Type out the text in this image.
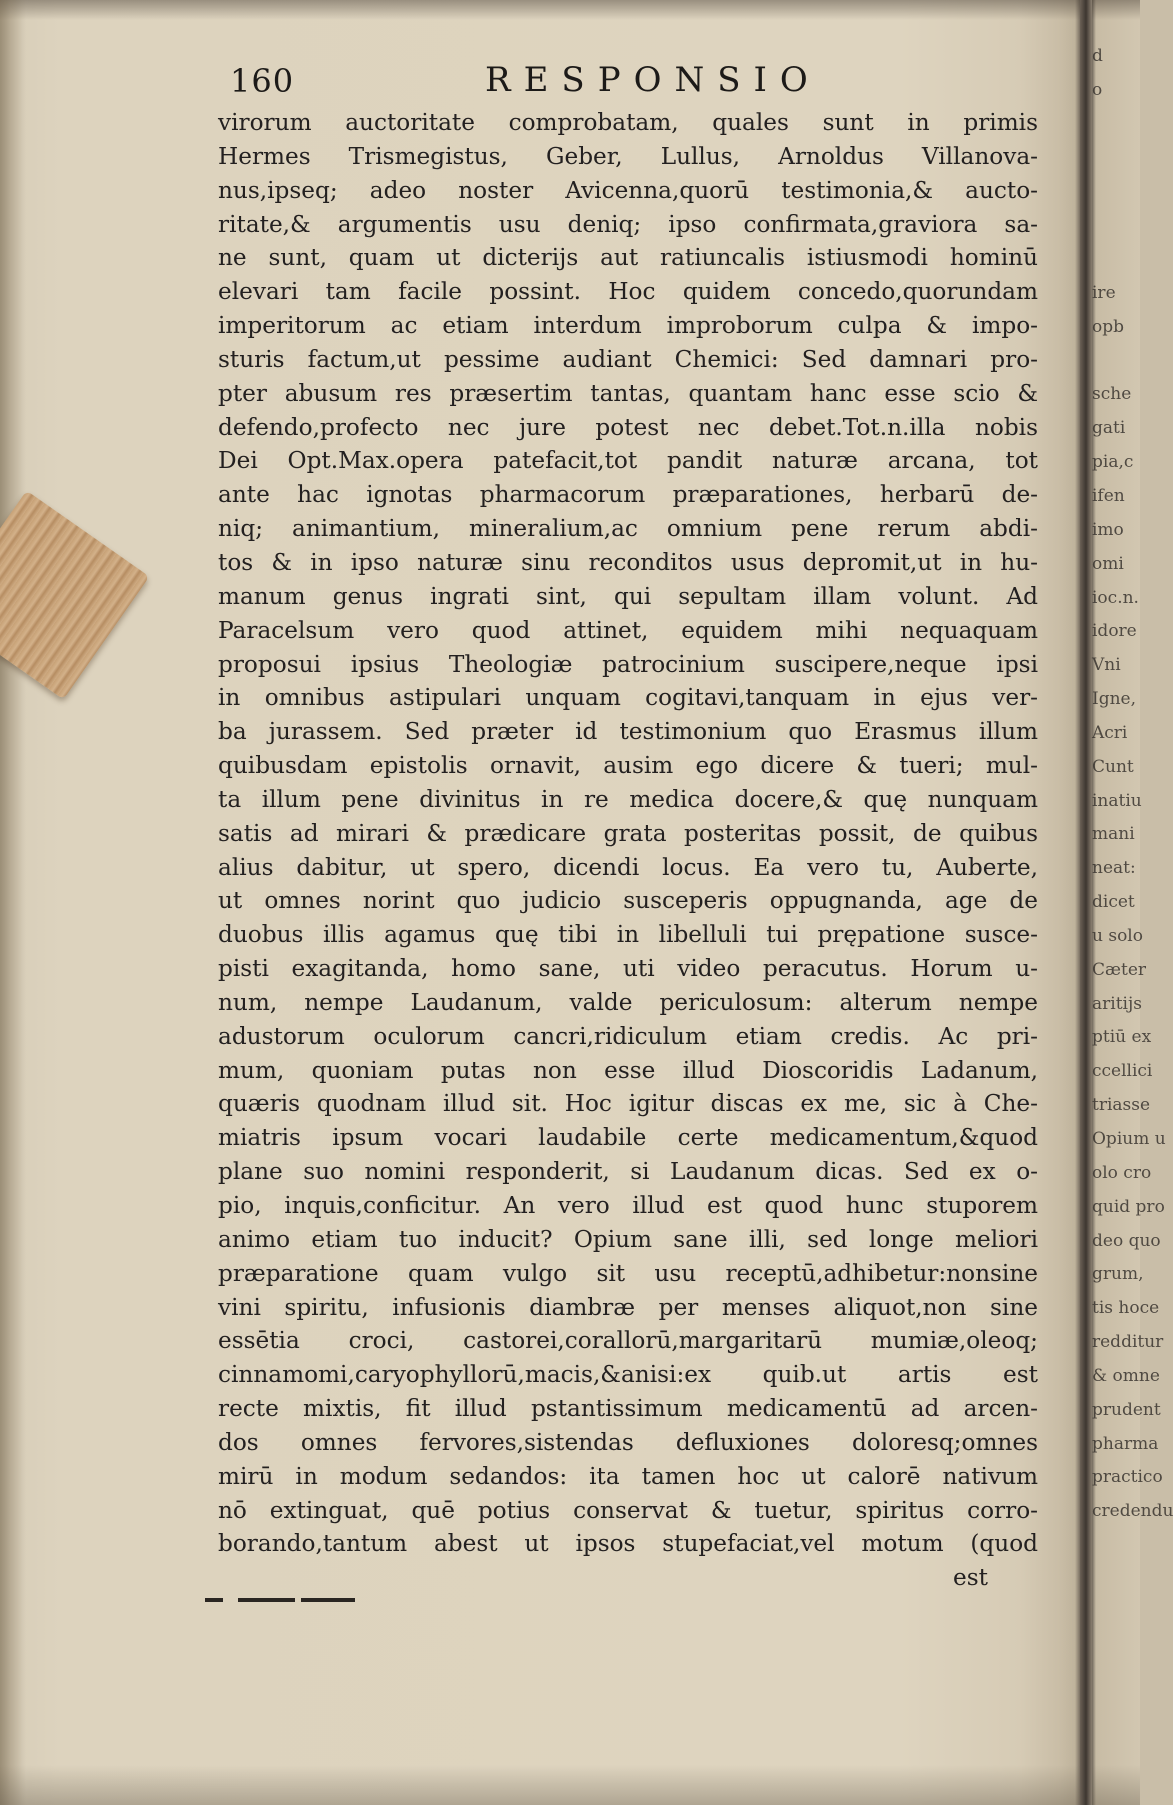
160	RESPONSIO
virorum auctoritate comprobatam, quales sunt in primis
Hermes Trismegistus, Geber, Lullus, Arnoldus Villanova-
nus,ipseq; adeo noster Avicenna,quorū testimonia,& aucto-
ritate,& argumentis usu deniq; ipso confirmata,graviora sa-
ne sunt, quam ut dicterijs aut ratiuncalis istiusmodi hominū
elevari tam facile possint. Hoc quidem concedo,quorundam
imperitorum ac etiam interdum improborum culpa & impo-
sturis factum,ut pessime audiant Chemici: Sed damnari pro-
pter abusum res præsertim tantas, quantam hanc esse scio &
defendo,profecto nec jure potest nec debet.Tot.n.illa nobis
Dei Opt.Max.opera patefacit,tot pandit naturæ arcana, tot
ante hac ignotas pharmacorum præparationes, herbarū de-
niq; animantium, mineralium,ac omnium pene rerum abdi-
tos & in ipso naturæ sinu reconditos usus depromit,ut in hu-
manum genus ingrati sint, qui sepultam illam volunt. Ad
Paracelsum vero quod attinet, equidem mihi nequaquam
proposui ipsius Theologiæ patrocinium suscipere,neque ipsi
in omnibus astipulari unquam cogitavi,tanquam in ejus ver-
ba jurassem. Sed præter id testimonium quo Erasmus illum
quibusdam epistolis ornavit, ausim ego dicere & tueri; mul-
ta illum pene divinitus in re medica docere,& quę nunquam
satis ad mirari & prædicare grata posteritas possit, de quibus
alius dabitur, ut spero, dicendi locus. Ea vero tu, Auberte,
ut omnes norint quo judicio susceperis oppugnanda, age de
duobus illis agamus quę tibi in libelluli tui prępatione susce-
pisti exagitanda, homo sane, uti video peracutus. Horum u-
num, nempe Laudanum, valde periculosum: alterum nempe
adustorum oculorum cancri,ridiculum etiam credis. Ac pri-
mum, quoniam putas non esse illud Dioscoridis Ladanum,
quæris quodnam illud sit. Hoc igitur discas ex me, sic à Che-
miatris ipsum vocari laudabile certe medicamentum,&quod
plane suo nomini responderit, si Laudanum dicas. Sed ex o-
pio, inquis,conficitur. An vero illud est quod hunc stuporem
animo etiam tuo inducit? Opium sane illi, sed longe meliori
præparatione quam vulgo sit usu receptū,adhibetur:nonsine
vini spiritu, infusionis diambræ per menses aliquot,non sine
essētia croci, castorei,corallorū,margaritarū mumiæ,oleoq;
cinnamomi,caryophyllorū,macis,&anisi:ex quib.ut artis est
recte mixtis, fit illud pstantissimum medicamentū ad arcen-
dos omnes fervores,sistendas defluxiones doloresq;omnes
mirū in modum sedandos: ita tamen hoc ut calorē nativum
nō extinguat, quē potius conservat & tuetur, spiritus corro-
borando,tantum abest ut ipsos stupefaciat,vel motum (quod
est
d
o
ire
opb
sche
gati
pia,c
ifen
imo
omi
ioc.n.
idore
Vni
Igne,
Acri
Cunt
inatiu
mani
neat:
dicet
u solo
Cæter
aritijs
ptiū ex
ccellici
triasse
Opium u
olo cro
quid pro
deo quo
grum,
tis hoce
redditur
& omne
prudent
pharma
practico
credendu
